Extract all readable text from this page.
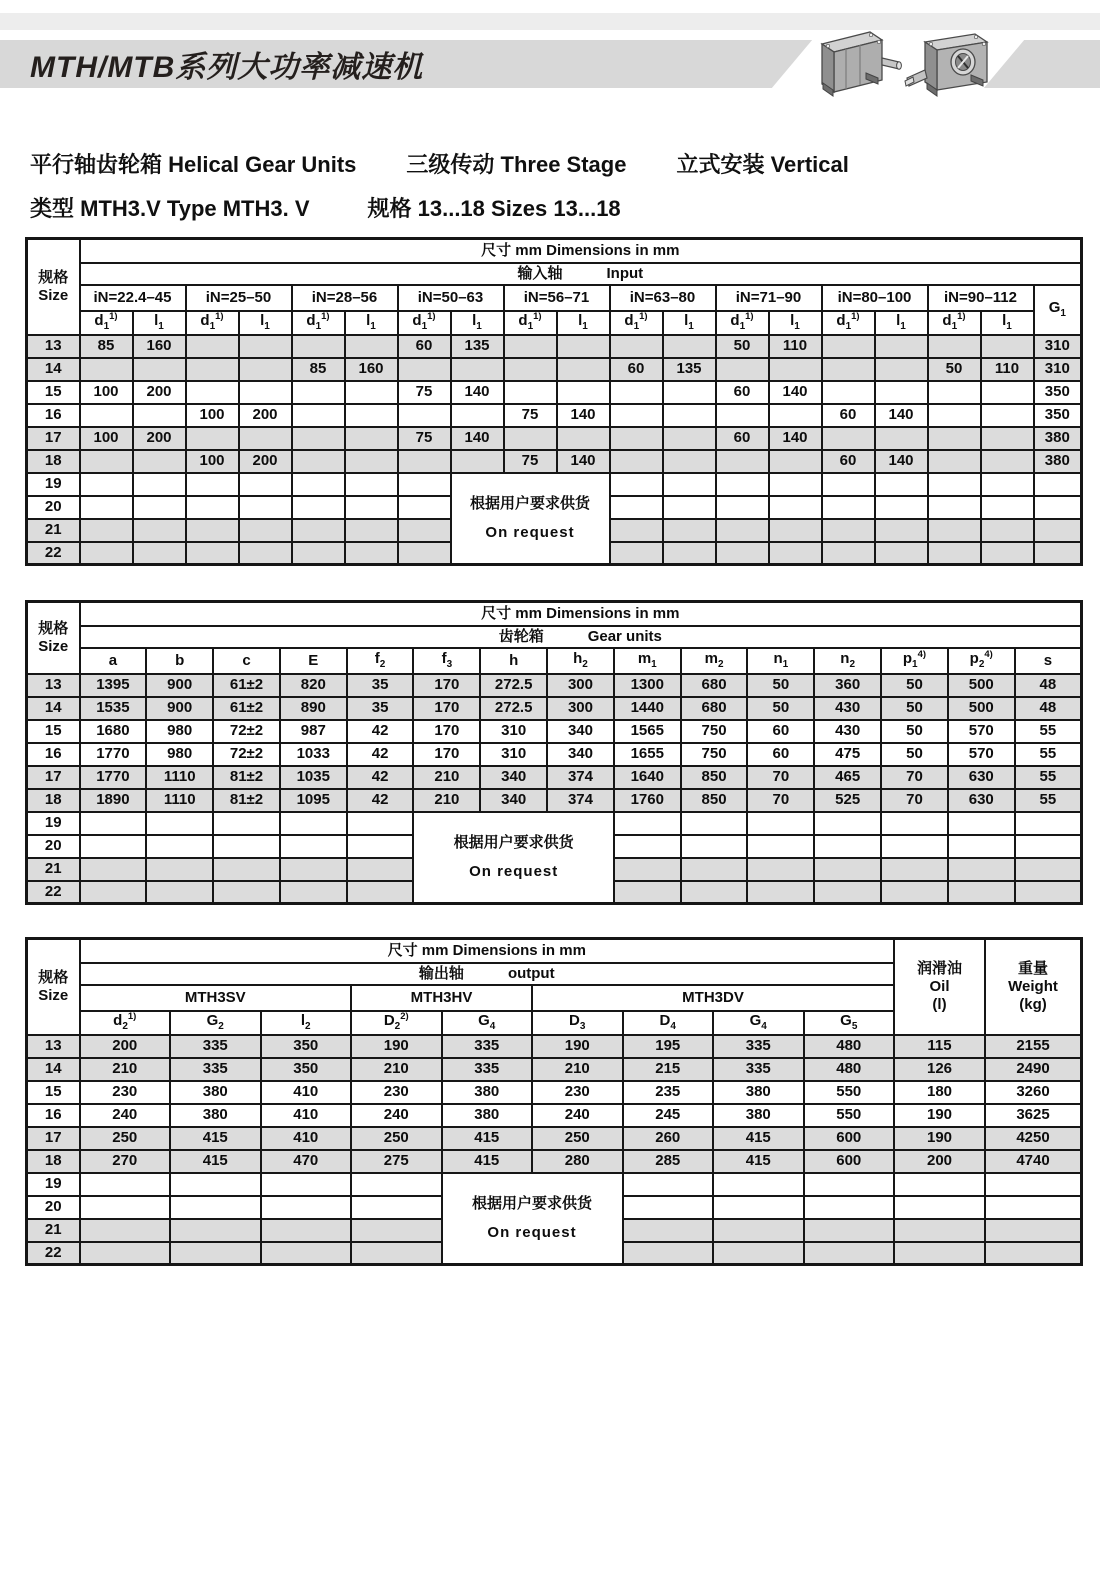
MTH/MTB系列大功率减速机
平行轴齿轮箱 Helical Gear Units 三级传动 Three Stage 立式安装 Vertical
类型 MTH3.V Type MTH3. V	规格 13...18 Sizes 13...18
规格
Size	尺寸 mm Dimensions in mm																		
	输入轴 Input																		
	iN=22.4–45		iN=25–50		iN=28–56		iN=50–63		iN=56–71		iN=63–80		iN=71–90		iN=80–100		iN=90–112		$G_1$
	$d_1^{1)}$	$l_1$	$d_1^{1)}$	$l_1$	$d_1^{1)}$	$l_1$	$d_1^{1)}$	$l_1$	$d_1^{1)}$	$l_1$	$d_1^{1)}$	$l_1$	$d_1^{1)}$	$l_1$	$d_1^{1)}$	$l_1$	$d_1^{1)}$	$l_1$
13	85	160					60	135					50	110					310
14					85	160					60	135					50	110	310
15	100	200					75	140					60	140					350
16			100	200					75	140					60	140			350
17	100	200					75	140					60	140					380
18			100	200					75	140					60	140			380
19								根据用户要求供货
On request											

20																			
21																			
22																			
规格
Size	尺寸 mm Dimensions in mm														
	齿轮箱 Gear units														
	a	b	c	E	$f_2$	$f_3$	h	$h_2$	$m_1$	$m_2$	$n_1$	$n_2$	$p_1^{4)}$	$p_2^{4)}$	s
13	1395	900	61±2	820	35	170	272.5	300	1300	680	50	360	50	500	48
14	1535	900	61±2	890	35	170	272.5	300	1440	680	50	430	50	500	48
15	1680	980	72±2	987	42	170	310	340	1565	750	60	430	50	570	55
16	1770	980	72±2	1033	42	170	310	340	1655	750	60	475	50	570	55
17	1770	1110	81±2	1035	42	210	340	374	1640	850	70	465	70	630	55
18	1890	1110	81±2	1095	42	210	340	374	1760	850	70	525	70	630	55
19						根据用户要求供货
On request									

20															
21															
22															
规格
Size
	尺寸 mm Dimensions in mm	
润滑油
Oil
(l)

重量
Weight
(kg)

	输出轴 output										
	MTH3SV			MTH3HV		MTH3DV					
	$d_2^{1)}$	$G_2$	$l_2$	$D_2^{2)}$	$G_4$	$D_3$	$D_4$	$G_4$	$G_5$
13	200	335	350	190	335	190	195	335	480	115	2155
14	210	335	350	210	335	210	215	335	480	126	2490
15	230	380	410	230	380	230	235	380	550	180	3260
16	240	380	410	240	380	240	245	380	550	190	3625
17	250	415	410	250	415	250	260	415	600	190	4250
18	270	415	470	275	415	280	285	415	600	200	4740
19					根据用户要求供货
On request						

20											
21											
22											
